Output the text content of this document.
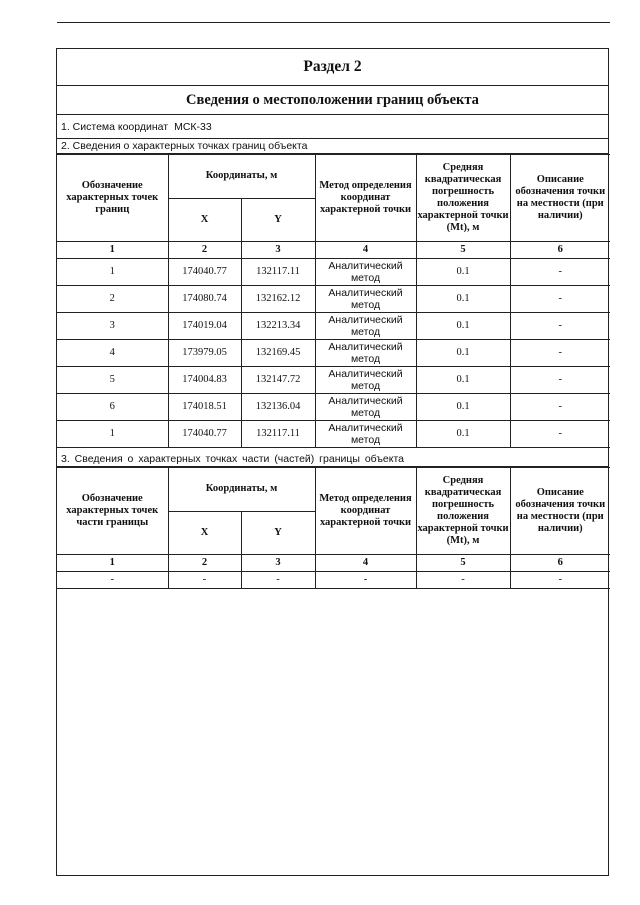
Раздел 2
Сведения о местоположении границ объекта
1. Система координат МСК-33
2. Сведения о характерных точках границ объекта
Обозначение характерных точек границ	Координаты, м		Метод определения координат характерной точки	Средняя квадратическая погрешность положения характерной точки (Mt), м	Описание обозначения точки на местности (при наличии)
	X	Y			
1	2	3	4	5	6
1	174040.77	132117.11	Аналитический метод	0.1	-
2	174080.74	132162.12	Аналитический метод	0.1	-
3	174019.04	132213.34	Аналитический метод	0.1	-
4	173979.05	132169.45	Аналитический метод	0.1	-
5	174004.83	132147.72	Аналитический метод	0.1	-
6	174018.51	132136.04	Аналитический метод	0.1	-
1	174040.77	132117.11	Аналитический метод	0.1	-
3. Сведения о характерных точках части (частей) границы объекта
Обозначение характерных точек части границы	Координаты, м		Метод определения координат характерной точки	Средняя квадратическая погрешность положения характерной точки (Mt), м	Описание обозначения точки на местности (при наличии)
	X	Y			
1	2	3	4	5	6
-	-	-	-	-	-
